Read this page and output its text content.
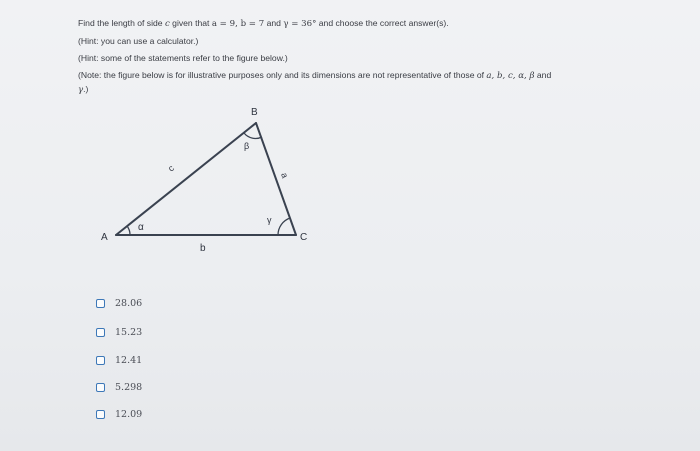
Find the length of side c given that a = 9, b = 7 and γ = 36° and choose the correct answer(s).

(Hint: you can use a calculator.)

(Hint: some of the statements refer to the figure below.)

(Note: the figure below is for illustrative purposes only and its dimensions are not representative of those of a, b, c, α, β and
γ.)

A
B
C
b
c
a
α
β
γ
28.06
15.23
12.41
5.298
12.09
